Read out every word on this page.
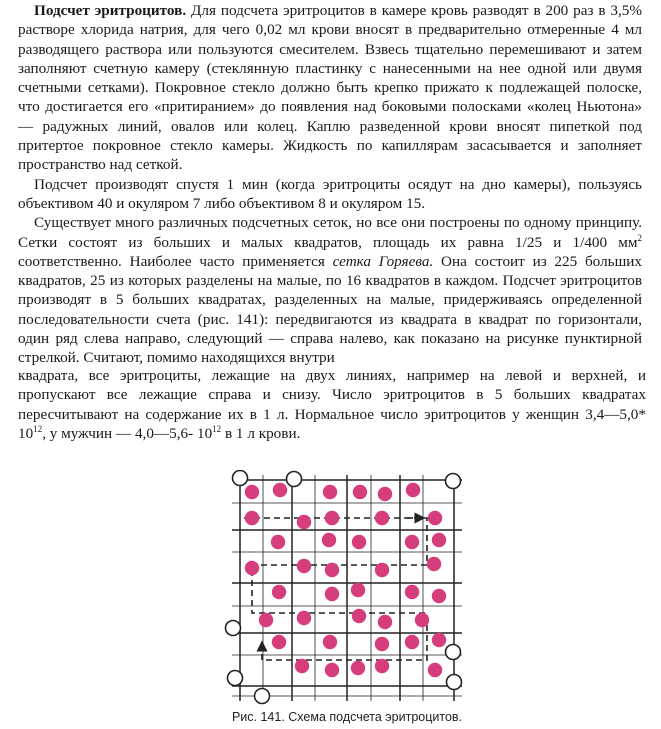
Подсчет эритроцитов. Для подсчета эритроцитов в камере кровь разводят в 200 раз в 3,5% растворе хлорида натрия, для чего 0,02 мл крови вносят в предварительно отмеренные 4 мл разводящего раствора или пользуются смесителем. Взвесь тщательно перемешивают и затем заполняют счетную камеру (стеклянную пластинку с нанесенными на нее одной или двумя счетными сетками). Покровное стекло должно быть крепко прижато к подлежащей полоске, что достигается его «притиранием» до появления над боковыми полосками «колец Ньютона» — радужных линий, овалов или колец. Каплю разведенной крови вносят пипеткой под притертое покровное стекло камеры. Жидкость по капиллярам засасывается и заполняет пространство над сеткой.

Подсчет производят спустя 1 мин (когда эритроциты осядут на дно камеры), пользуясь объективом 40 и окуляром 7 либо объективом 8 и окуляром 15.

Существует много различных подсчетных сеток, но все они построены по одному принципу. Сетки состоят из больших и малых квадратов, площадь их равна 1/25 и 1/400 $мм^2$ соответственно. Наиболее часто применяется сетка Горяева. Она состоит из 225 больших квадратов, 25 из которых разделены на малые, по 16 квадратов в каждом. Подсчет эритроцитов производят в 5 больших квадратах, разделенных на малые, придерживаясь определенной последовательности счета (рис. 141): передвигаются из квадрата в квадрат по горизонтали, один ряд слева направо, следующий — справа налево, как показано на рисунке пунктирной стрелкой. Считают, помимо находящихся внутри

квадрата, все эритроциты, лежащие на двух линиях, например на левой и верхней, и пропускают все лежащие справа и снизу. Число эритроцитов в 5 больших квадратах пересчитывают на содержание их в 1 л. Нормальное число эритроцитов у женщин 3,4—5,0* $10^{12}$, у мужчин — 4,0—5,6- $10^{12}$ в 1 л крови.

Рис. 141. Схема подсчета эритроцитов.
